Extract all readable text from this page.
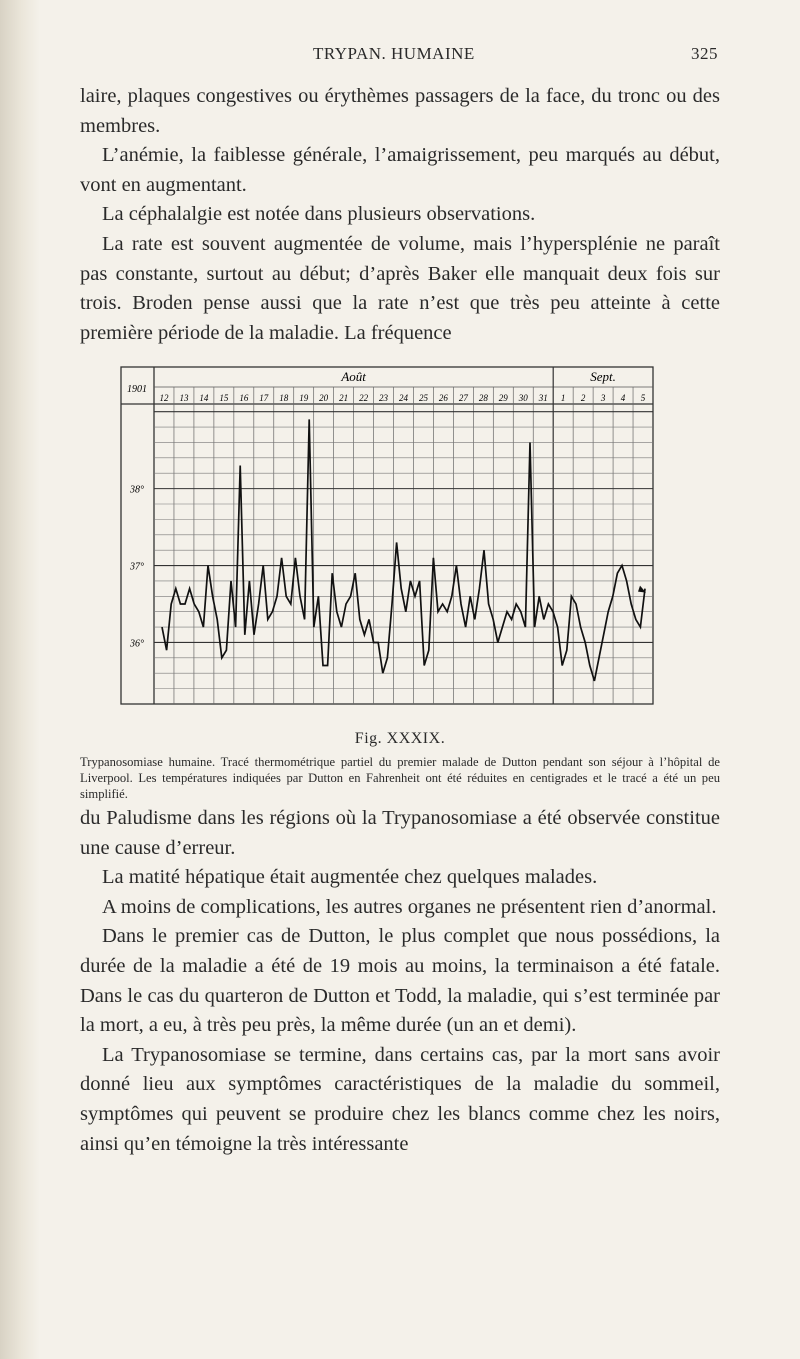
TRYPAN. HUMAINE	325

laire, plaques congestives ou érythèmes passagers de la face, du tronc ou des membres.

L’anémie, la faiblesse générale, l’amaigrissement, peu marqués au début, vont en augmentant.

La céphalalgie est notée dans plusieurs observations.

La rate est souvent augmentée de volume, mais l’hypersplénie ne paraît pas constante, surtout au début; d’après Baker elle manquait deux fois sur trois. Broden pense aussi que la rate n’est que très peu atteinte à cette première période de la maladie. La fréquence

1901
Août	Sept.
12 13 14 15 16 17 18 19 20 21 22 23 24 25 26 27 28 29 30 31 1 2 3 4 5
38°
37°
36°
Fig. XXXIX.

Trypanosomiase humaine. Tracé thermométrique partiel du premier malade de Dutton pendant son séjour à l’hôpital de Liverpool. Les températures indiquées par Dutton en Fahrenheit ont été réduites en centigrades et le tracé a été un peu simplifié.

du Paludisme dans les régions où la Trypanosomiase a été observée constitue une cause d’erreur.

La matité hépatique était augmentée chez quelques malades.

A moins de complications, les autres organes ne présentent rien d’anormal.

Dans le premier cas de Dutton, le plus complet que nous possédions, la durée de la maladie a été de 19 mois au moins, la terminaison a été fatale. Dans le cas du quarteron de Dutton et Todd, la maladie, qui s’est terminée par la mort, a eu, à très peu près, la même durée (un an et demi).

La Trypanosomiase se termine, dans certains cas, par la mort sans avoir donné lieu aux symptômes caractéristiques de la maladie du sommeil, symptômes qui peuvent se produire chez les blancs comme chez les noirs, ainsi qu’en témoigne la très intéressante
